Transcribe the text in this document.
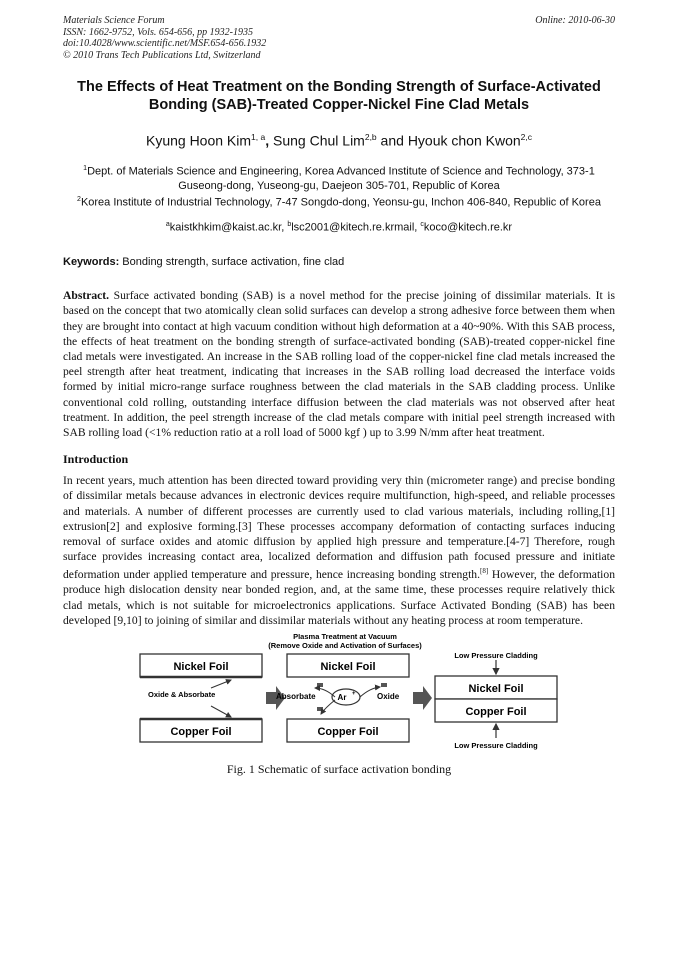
Materials Science Forum
ISSN: 1662-9752, Vols. 654-656, pp 1932-1935
doi:10.4028/www.scientific.net/MSF.654-656.1932
© 2010 Trans Tech Publications Ltd, Switzerland
Online: 2010-06-30
The Effects of Heat Treatment on the Bonding Strength of Surface-Activated Bonding (SAB)-Treated Copper-Nickel Fine Clad Metals
Kyung Hoon Kim$^{1, a}$, Sung Chul Lim$^{2,b}$ and Hyouk chon Kwon$^{2,c}$
$^1$Dept. of Materials Science and Engineering, Korea Advanced Institute of Science and Technology, 373-1 Guseong-dong, Yuseong-gu, Daejeon 305-701, Republic of Korea
$^2$Korea Institute of Industrial Technology, 7-47 Songdo-dong, Yeonsu-gu, Inchon 406-840, Republic of Korea
$^a$kaistkhkim@kaist.ac.kr, $^b$lsc2001@kitech.re.krmail, $^c$koco@kitech.re.kr
Keywords: Bonding strength, surface activation, fine clad

Abstract. Surface activated bonding (SAB) is a novel method for the precise joining of dissimilar materials. It is based on the concept that two atomically clean solid surfaces can develop a strong adhesive force between them when they are brought into contact at high vacuum condition without high deformation at a 40~90%. With this SAB process, the effects of heat treatment on the bonding strength of surface-activated bonding (SAB)-treated copper-nickel fine clad metals were investigated. An increase in the SAB rolling load of the copper-nickel fine clad metals increased the peel strength after heat treatment, indicating that increases in the SAB rolling load decreased the interface voids formed by initial micro-range surface roughness between the clad materials in the SAB cladding process. Unlike conventional cold rolling, outstanding interface diffusion between the clad materials was not observed after heat treatment. In addition, the peel strength increase of the clad metals compare with initial peel strength increased with SAB rolling load (<1% reduction ratio at a roll load of 5000 kgf ) up to 3.99 N/mm after heat treatment.

Introduction

In recent years, much attention has been directed toward providing very thin (micrometer range) and precise bonding of dissimilar metals because advances in electronic devices require multifunction, high-speed, and reliable processes and materials. A number of different processes are currently used to clad various materials, including rolling,[1] extrusion[2] and explosive forming.[3] These processes accompany deformation of contacting surfaces inducing removal of surface oxides and atomic diffusion by applied high pressure and temperature.[4-7] Therefore, rough surface provides increasing contact area, localized deformation and diffusion path focused pressure and initiate deformation under applied temperature and pressure, hence increasing bonding strength.[8] However, the deformation produce high dislocation density near bonded region, and, at the same time, these processes require relatively thick clad metals, which is not suitable for microelectronics applications. Surface Activated Bonding (SAB) has been developed [9,10] to joining of similar and dissimilar materials without any heating process at room temperature.

Nickel Foil
Copper Foil
Oxide & Absorbate
Plasma Treatment at Vacuum
(Remove Oxide and Activation of Surfaces)
Nickel Foil
Copper Foil
Absorbate	Ar +	Oxide
Low Pressure Cladding
Nickel Foil
Copper Foil
Low Pressure Cladding
Fig. 1 Schematic of surface activation bonding
